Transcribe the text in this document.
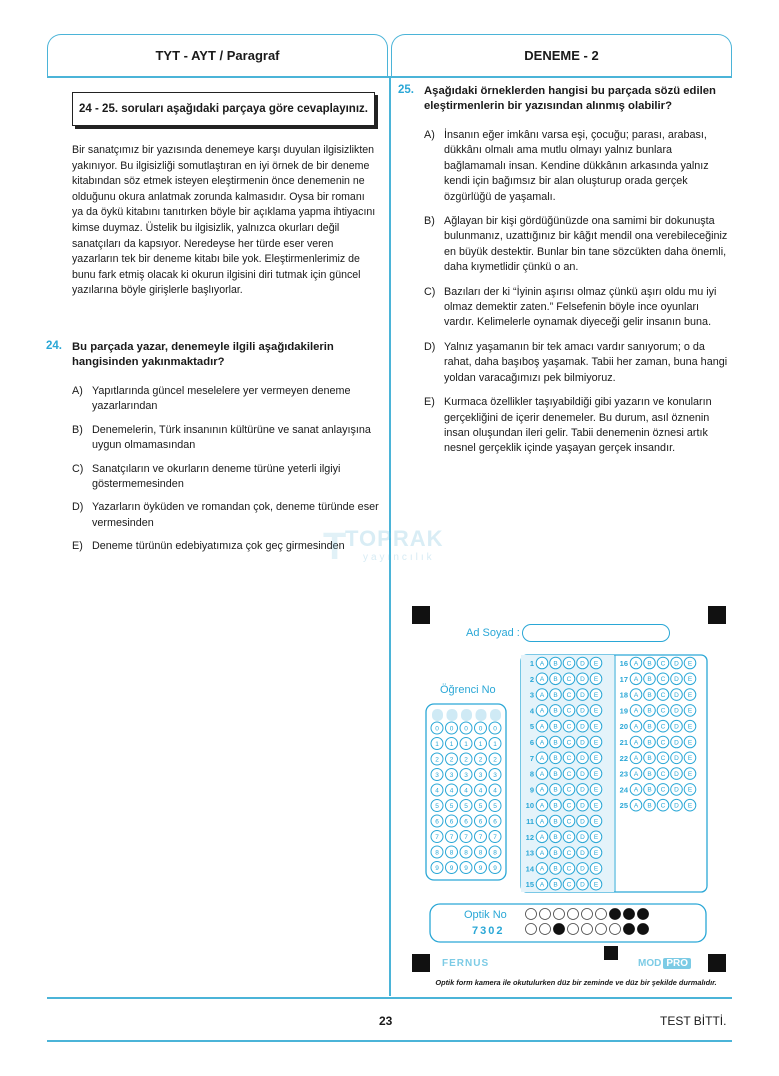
TYT - AYT / Paragraf	DENEME - 2
24 - 25. soruları aşağıdaki parçaya göre cevaplayınız.

Bir sanatçımız bir yazısında denemeye karşı duyulan ilgisizlikten yakınıyor. Bu ilgisizliği somutlaştıran en iyi örnek de bir deneme kitabından söz etmek isteyen eleştirmenin önce denemenin ne olduğunu okura anlatmak zorunda kalmasıdır. Oysa bir romanı ya da öykü kitabını tanıtırken böyle bir açıklama yapma ihtiyacını kimse duymaz. Üstelik bu ilgisizlik, yalnızca okurları değil sanatçıları da kapsıyor. Neredeyse her türde eser veren yazarların tek bir deneme kitabı bile yok. Eleştirmenlerimiz de bunu fark etmiş olacak ki okurun ilgisini diri tutmak için güncel yazılarına böyle girişlerle başlıyorlar.

24. Bu parçada yazar, denemeyle ilgili aşağıdakilerin hangisinden yakınmaktadır?

A) Yapıtlarında güncel meselelere yer vermeyen deneme yazarlarından
B) Denemelerin, Türk insanının kültürüne ve sanat anlayışına uygun olmamasından
C) Sanatçıların ve okurların deneme türüne yeterli ilgiyi göstermemesinden
D) Yazarların öyküden ve romandan çok, deneme türünde eser vermesinden
E) Deneme türünün edebiyatımıza çok geç girmesinden
25. Aşağıdaki örneklerden hangisi bu parçada sözü edilen eleştirmenlerin bir yazısından alınmış olabilir?

A) İnsanın eğer imkânı varsa eşi, çocuğu; parası, arabası, dükkânı olmalı ama mutlu olmayı yalnız bunlara bağlamamalı insan. Kendine dükkânın arkasında yalnız kendi için bağımsız bir alan oluşturup orada gerçek özgürlüğü de yaşamalı.
B) Ağlayan bir kişi gördüğünüzde ona samimi bir dokunuşta bulunmanız, uzattığınız bir kâğıt mendil ona verebileceğiniz en büyük destektir. Bunlar bin tane sözcükten daha önemli, daha kıymetlidir çünkü o an.
C) Bazıları der ki “İyinin aşırısı olmaz çünkü aşırı oldu mu iyi olmaz demektir zaten.” Felsefenin böyle ince oyunları vardır. Kelimelerle oynamak diyeceği gelir insanın buna.
D) Yalnız yaşamanın bir tek amacı vardır sanıyorum; o da rahat, daha başıboş yaşamak. Tabii her zaman, buna hangi yoldan varacağımızı pek bilmiyoruz.
E) Kurmaca özellikler taşıyabildiği gibi yazarın ve konuların gerçekliğini de içerir denemeler. Bu durum, asıl öznenin insan oluşundan ileri gelir. Tabii denemenin öznesi artık nesnel gerçeklik içinde yaşayan gerçek insandır.
T
TOPRAK
yayıncılık
0 0 0 0 0
1 1 1 1 1
2 2 2 2 2
3 3 3 3 3
4 4 4 4 4
5 5 5 5 5
6 6 6 6 6
7 7 7 7 7
8 8 8 8 8
9 9 9 9 9
1 A B C D E
2 A B C D E
3 A B C D E
4 A B C D E
5 A B C D E
6 A B C D E
7 A B C D E
8 A B C D E
9 A B C D E
10 A B C D E
11 A B C D E
12 A B C D E
13 A B C D E
14 A B C D E
15 A B C D E
16 A B C D E
17 A B C D E
18 A B C D E
19 A B C D E
20 A B C D E
21 A B C D E
22 A B C D E
23 A B C D E
24 A B C D E
25 A B C D E
Ad Soyad :
Öğrenci No
Optik No
7302
FERNUS	MOD PRO
Optik form kamera ile okutulurken düz bir zeminde ve düz bir şekilde durmalıdır.
23	TEST BİTTİ.
